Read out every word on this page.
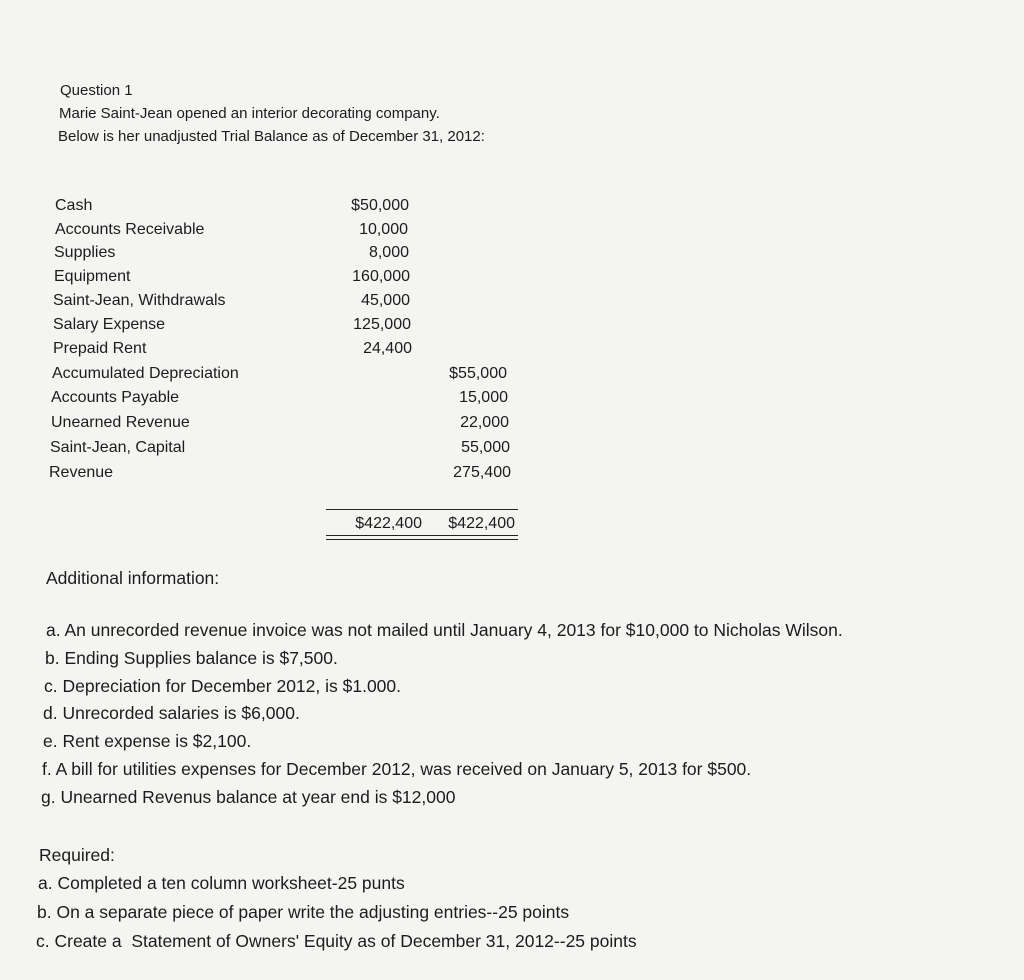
Question 1
Marie Saint-Jean opened an interior decorating company.
Below is her unadjusted Trial Balance as of December 31, 2012:
Cash
Accounts Receivable
Supplies
Equipment
Saint-Jean, Withdrawals
Salary Expense
Prepaid Rent
Accumulated Depreciation
Accounts Payable
Unearned Revenue
Saint-Jean, Capital
Revenue
$50,000
10,000
8,000
160,000
45,000
125,000
24,400
$55,000
15,000
22,000
55,000
275,400
$422,400	$422,400
Additional information:
a. An unrecorded revenue invoice was not mailed until January 4, 2013 for $10,000 to Nicholas Wilson.
b. Ending Supplies balance is $7,500.
c. Depreciation for December 2012, is $1.000.
d. Unrecorded salaries is $6,000.
e. Rent expense is $2,100.
f. A bill for utilities expenses for December 2012, was received on January 5, 2013 for $500.
g. Unearned Revenus balance at year end is $12,000
Required:
a. Completed a ten column worksheet-25 punts
b. On a separate piece of paper write the adjusting entries--25 points
c. Create a  Statement of Owners' Equity as of December 31, 2012--25 points
